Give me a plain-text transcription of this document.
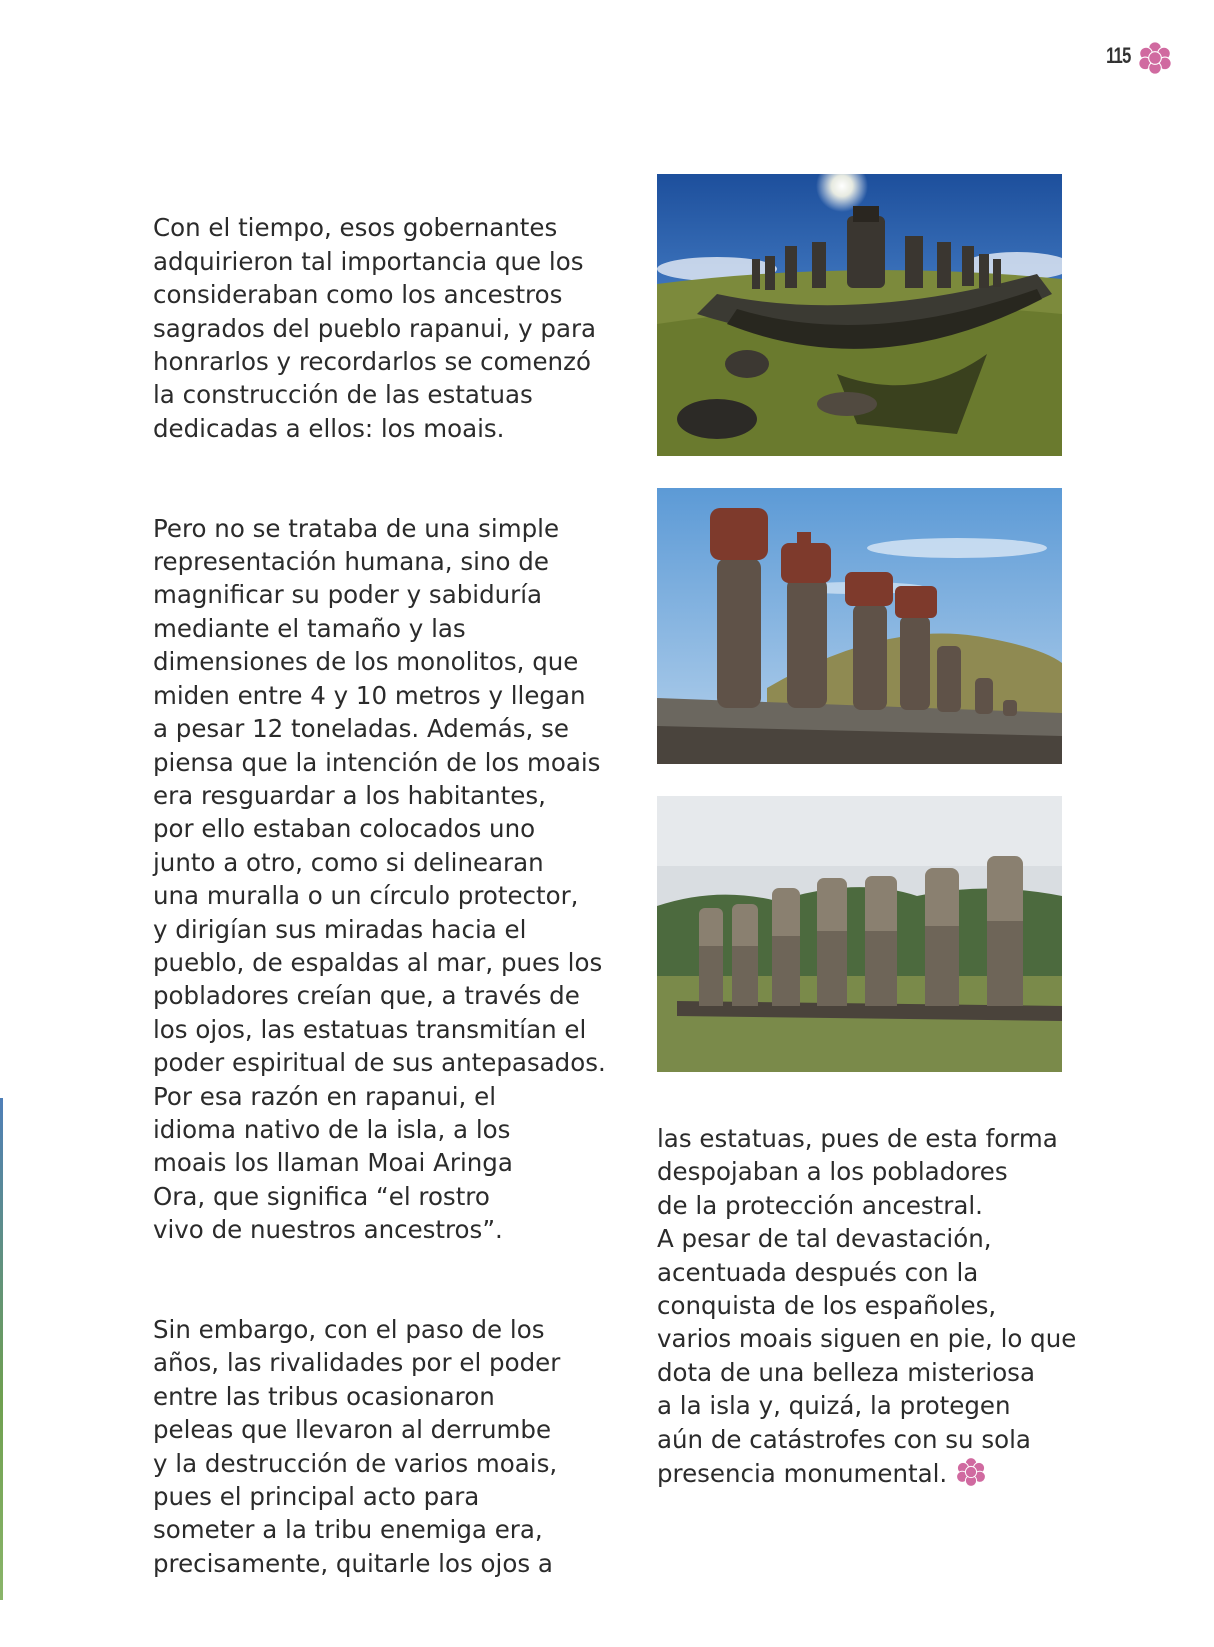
115

Con el tiempo, esos gobernantes
adquirieron tal importancia que los
consideraban como los ancestros
sagrados del pueblo rapanui, y para
honrarlos y recordarlos se comenzó
la construcción de las estatuas
dedicadas a ellos: los moais.

Pero no se trataba de una simple
representación humana, sino de
magnificar su poder y sabiduría
mediante el tamaño y las
dimensiones de los monolitos, que
miden entre 4 y 10 metros y llegan
a pesar 12 toneladas. Además, se
piensa que la intención de los moais
era resguardar a los habitantes,
por ello estaban colocados uno
junto a otro, como si delinearan
una muralla o un círculo protector,
y dirigían sus miradas hacia el
pueblo, de espaldas al mar, pues los
pobladores creían que, a través de
los ojos, las estatuas transmitían el
poder espiritual de sus antepasados.
Por esa razón en rapanui, el
idioma nativo de la isla, a los
moais los llaman Moai Aringa
Ora, que significa “el rostro
vivo de nuestros ancestros”.

Sin embargo, con el paso de los
años, las rivalidades por el poder
entre las tribus ocasionaron
peleas que llevaron al derrumbe
y la destrucción de varios moais,
pues el principal acto para
someter a la tribu enemiga era,
precisamente, quitarle los ojos a

las estatuas, pues de esta forma
despojaban a los pobladores
de la protección ancestral.
A pesar de tal devastación,
acentuada después con la
conquista de los españoles,
varios moais siguen en pie, lo que
dota de una belleza misteriosa
a la isla y, quizá, la protegen
aún de catástrofes con su sola
presencia monumental.
